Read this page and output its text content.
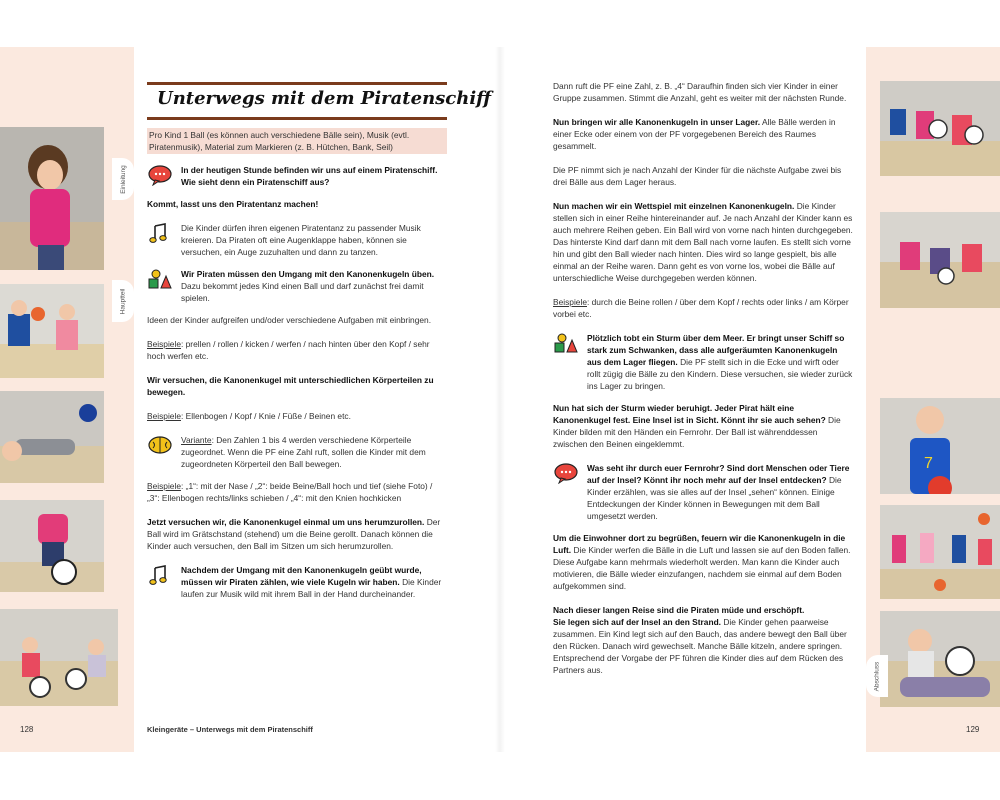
7
Einleitung
Hauptteil
Abschluss
Unterwegs mit dem Piratenschiff

Pro Kind 1 Ball (es können auch verschiedene Bälle sein), Musik (evtl. Piratenmusik), Material zum Markieren (z. B. Hütchen, Bank, Seil)

In der heutigen Stunde befinden wir uns auf einem Piratenschiff. Wie sieht denn ein Piratenschiff aus?

Kommt, lasst uns den Piratentanz machen!

Die Kinder dürfen ihren eigenen Piratentanz zu passender Musik kreieren. Da Piraten oft eine Augenklappe haben, können sie versuchen, ein Auge zuzuhalten und dann zu tanzen.
Wir Piraten müssen den Umgang mit den Kanonenkugeln üben. Dazu bekommt jedes Kind einen Ball und darf zunächst frei damit spielen.

Ideen der Kinder aufgreifen und/oder verschiedene Aufgaben mit einbringen.

Beispiele: prellen / rollen / kicken / werfen / nach hinten über den Kopf / sehr hoch werfen etc.

Wir versuchen, die Kanonenkugel mit unterschiedlichen Körperteilen zu bewegen.

Beispiele: Ellenbogen / Kopf / Knie / Füße / Beinen etc.

Variante: Den Zahlen 1 bis 4 werden verschiedene Körperteile zugeordnet. Wenn die PF eine Zahl ruft, sollen die Kinder mit dem zugeordneten Körperteil den Ball bewegen.

Beispiele: „1“: mit der Nase / „2“: beide Beine/Ball hoch und tief (siehe Foto) / „3“: Ellenbogen rechts/links schieben / „4“: mit den Knien hochkicken

Jetzt versuchen wir, die Kanonenkugel einmal um uns herumzurollen. Der Ball wird im Grätschstand (stehend) um die Beine gerollt. Danach können die Kinder auch versuchen, den Ball im Sitzen um sich herumzurollen.

Nachdem der Umgang mit den Kanonenkugeln geübt wurde, müssen wir Piraten zählen, wie viele Kugeln wir haben. Die Kinder laufen zur Musik wild mit ihrem Ball in der Hand durcheinander.

Dann ruft die PF eine Zahl, z. B. „4“ Daraufhin finden sich vier Kinder in einer Gruppe zusammen. Stimmt die Anzahl, geht es weiter mit der nächsten Runde.

Nun bringen wir alle Kanonenkugeln in unser Lager. Alle Bälle werden in einer Ecke oder einem von der PF vorgegebenen Bereich des Raumes gesammelt.

Die PF nimmt sich je nach Anzahl der Kinder für die nächste Aufgabe zwei bis drei Bälle aus dem Lager heraus.

Nun machen wir ein Wettspiel mit einzelnen Kanonenkugeln. Die Kinder stellen sich in einer Reihe hintereinander auf. Je nach Anzahl der Kinder kann es auch mehrere Reihen geben. Ein Ball wird von vorne nach hinten durchgegeben. Das hinterste Kind darf dann mit dem Ball nach vorne laufen. Es stellt sich vorne hin und gibt den Ball wieder nach hinten. Dies wird so lange gespielt, bis alle einmal an der Reihe waren. Dann geht es von vorne los, wobei die Bälle auf unterschiedliche Weise durchgegeben werden können.

Beispiele: durch die Beine rollen / über dem Kopf / rechts oder links / am Körper vorbei etc.

Plötzlich tobt ein Sturm über dem Meer. Er bringt unser Schiff so stark zum Schwanken, dass alle aufgeräumten Kanonenkugeln aus dem Lager fliegen. Die PF stellt sich in die Ecke und wirft oder rollt zügig die Bälle zu den Kindern. Diese versuchen, sie wieder zurück ins Lager zu bringen.

Nun hat sich der Sturm wieder beruhigt. Jeder Pirat hält eine Kanonenkugel fest. Eine Insel ist in Sicht. Könnt ihr sie auch sehen? Die Kinder bilden mit den Händen ein Fernrohr. Der Ball ist währenddessen zwischen den Beinen eingeklemmt.

Was seht ihr durch euer Fernrohr? Sind dort Menschen oder Tiere auf der Insel? Könnt ihr noch mehr auf der Insel entdecken? Die Kinder erzählen, was sie alles auf der Insel „sehen“ können. Einige Entdeckungen der Kinder können in Bewegungen mit dem Ball umgesetzt werden.

Um die Einwohner dort zu begrüßen, feuern wir die Kanonenkugeln in die Luft. Die Kinder werfen die Bälle in die Luft und lassen sie auf den Boden fallen. Diese Aufgabe kann mehrmals wiederholt werden. Man kann die Kinder auch motivieren, die Bälle wieder einzufangen, nachdem sie einmal auf dem Boden aufgekommen sind.

Nach dieser langen Reise sind die Piraten müde und erschöpft.
Sie legen sich auf der Insel an den Strand. Die Kinder gehen paarweise zusammen. Ein Kind legt sich auf den Bauch, das andere bewegt den Ball über den Rücken. Danach wird gewechselt. Manche Bälle kitzeln, andere springen. Entsprechend der Vorgabe der PF führen die Kinder dies auf dem Rücken des Partners aus.

128	Kleingeräte – Unterwegs mit dem Piratenschiff	129
